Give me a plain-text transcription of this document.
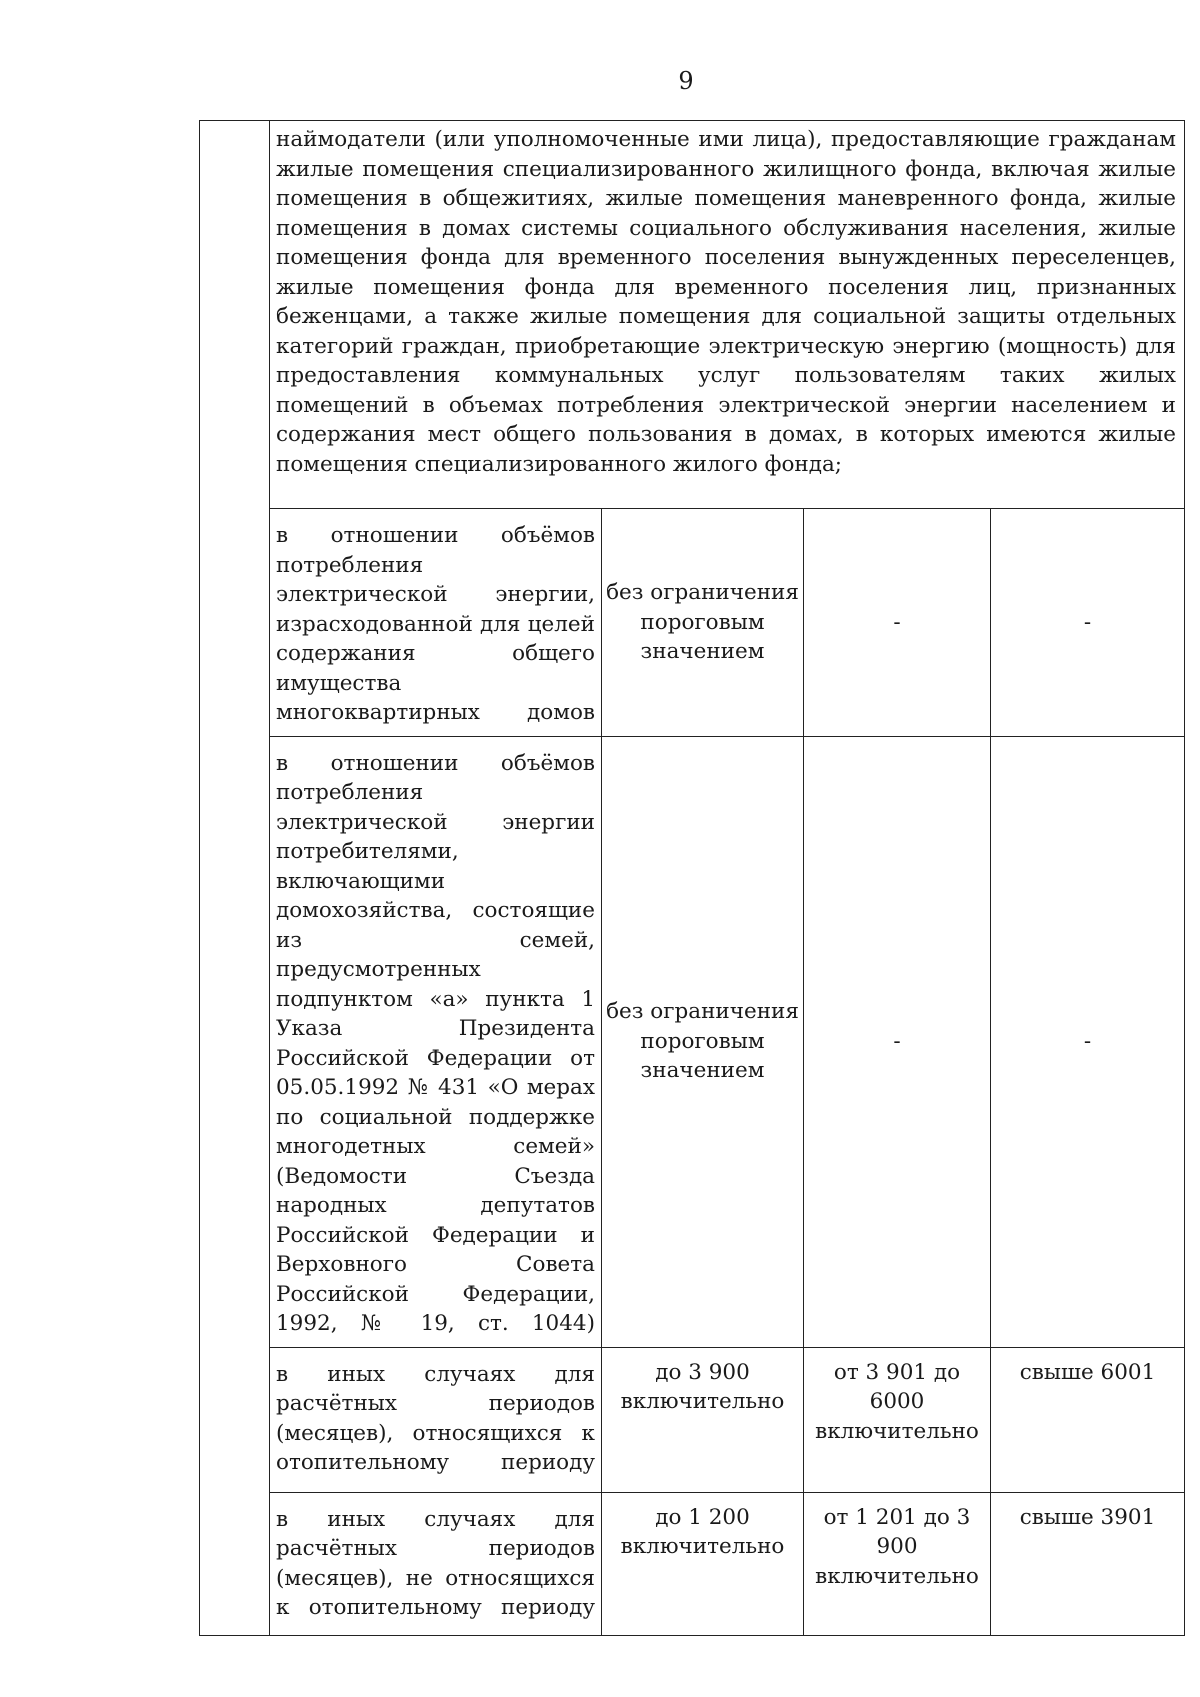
9
	наймодатели (или уполномоченные ими лица), предоставляющие гражданам жилые помещения специализированного жилищного фонда, включая жилые помещения в общежитиях, жилые помещения маневренного фонда, жилые помещения в домах системы социального обслуживания населения, жилые помещения фонда для временного поселения вынужденных переселенцев, жилые помещения фонда для временного поселения лиц, признанных беженцами, а также жилые помещения для социальной защиты отдельных категорий граждан, приобретающие электрическую энергию (мощность) для предоставления коммунальных услуг пользователям таких жилых помещений в объемах потребления электрической энергии населением и содержания мест общего пользования в домах, в которых имеются жилые помещения специализированного жилого фонда;			
	в отношении объёмов потребления электрической энергии, израсходованной для целей содержания общего имущества многоквартирных домов	без ограничения пороговым значением	-	-
	в отношении объёмов потребления электрической энергии потребителями, включающими домохозяйства, состоящие из семей, предусмотренных подпунктом «а» пункта 1 Указа Президента Российской Федерации от 05.05.1992 № 431 «О мерах по социальной поддержке многодетных семей» (Ведомости Съезда народных депутатов Российской Федерации и Верховного Совета Российской Федерации, 1992, № 19, ст. 1044)	без ограничения пороговым значением	-	-
	в иных случаях для расчётных периодов (месяцев), относящихся к отопительному периоду	до 3 900 включительно	от 3 901 до 6000 включительно	свыше 6001
	в иных случаях для расчётных периодов (месяцев), не относящихся к отопительному периоду	до 1 200 включительно	от 1 201 до 3 900 включительно	свыше 3901
